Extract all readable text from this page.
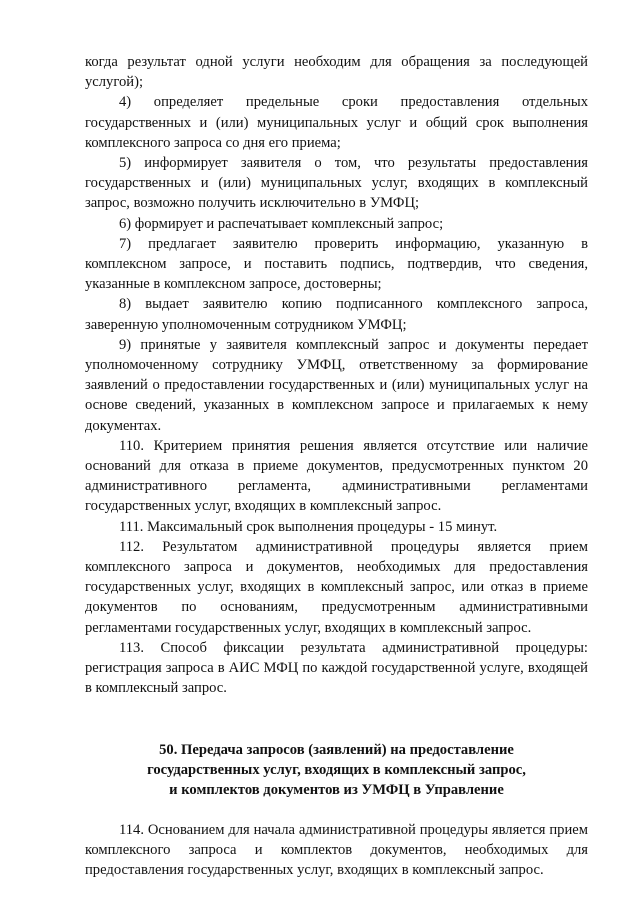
когда результат одной услуги необходим для обращения за последующей услугой);

4) определяет предельные сроки предоставления отдельных государственных и (или) муниципальных услуг и общий срок выполнения комплексного запроса со дня его приема;

5) информирует заявителя о том, что результаты предоставления государственных и (или) муниципальных услуг, входящих в комплексный запрос, возможно получить исключительно в УМФЦ;

6) формирует и распечатывает комплексный запрос;

7) предлагает заявителю проверить информацию, указанную в комплексном запросе, и поставить подпись, подтвердив, что сведения, указанные в комплексном запросе, достоверны;

8) выдает заявителю копию подписанного комплексного запроса, заверенную уполномоченным сотрудником УМФЦ;

9) принятые у заявителя комплексный запрос и документы передает уполномоченному сотруднику УМФЦ, ответственному за формирование заявлений о предоставлении государственных и (или) муниципальных услуг на основе сведений, указанных в комплексном запросе и прилагаемых к нему документах.

110. Критерием принятия решения является отсутствие или наличие оснований для отказа в приеме документов, предусмотренных пунктом 20 административного регламента, административными регламентами государственных услуг, входящих в комплексный запрос.

111. Максимальный срок выполнения процедуры - 15 минут.

112. Результатом административной процедуры является прием комплексного запроса и документов, необходимых для предоставления государственных услуг, входящих в комплексный запрос, или отказ в приеме документов по основаниям, предусмотренным административными регламентами государственных услуг, входящих в комплексный запрос.

113. Способ фиксации результата административной процедуры: регистрация запроса в АИС МФЦ по каждой государственной услуге, входящей в комплексный запрос.

50. Передача запросов (заявлений) на предоставление
государственных услуг, входящих в комплексный запрос,
и комплектов документов из УМФЦ в Управление

114. Основанием для начала административной процедуры является прием комплексного запроса и комплектов документов, необходимых для предоставления государственных услуг, входящих в комплексный запрос.
